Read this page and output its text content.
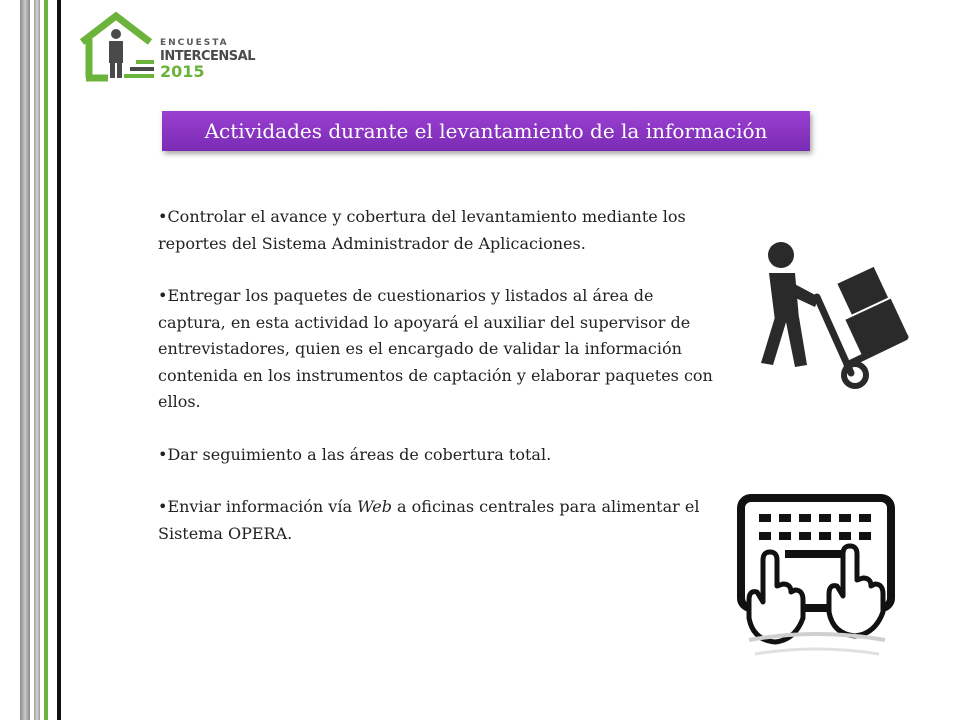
ENCUESTA
INTERCENSAL
2015
Actividades durante el levantamiento de la información

•Controlar el avance y cobertura del levantamiento mediante los reportes del Sistema Administrador de Aplicaciones.

•Entregar los paquetes de cuestionarios y listados al área de captura, en esta actividad lo apoyará el auxiliar del supervisor de entrevistadores, quien es el encargado de validar la información contenida en los instrumentos de captación y elaborar paquetes con ellos.

•Dar seguimiento a las áreas de cobertura total.

•Enviar información vía Web a oficinas centrales para alimentar el Sistema OPERA.
